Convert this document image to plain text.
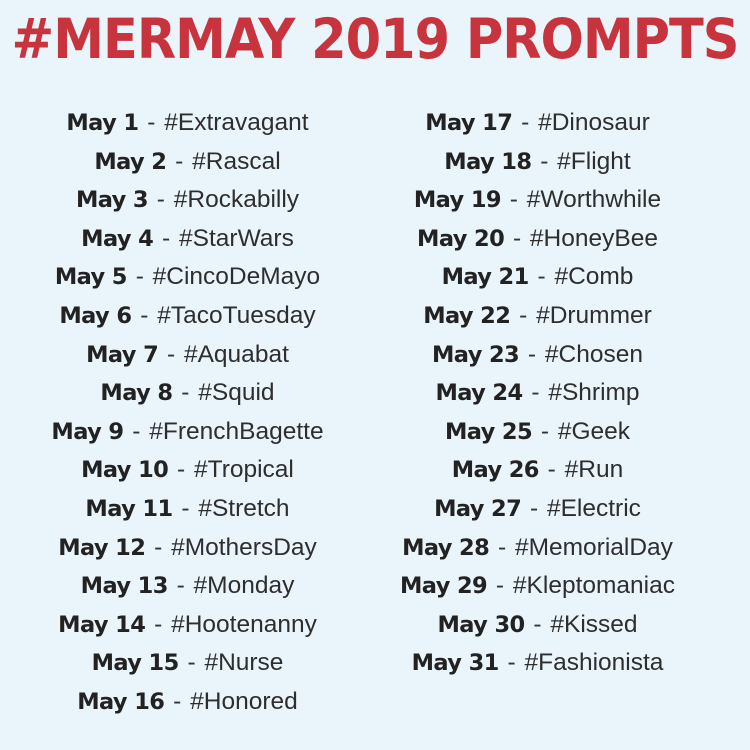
#MERMAY 2019 PROMPTS
May 1 - #Extravagant
May 2 - #Rascal
May 3 - #Rockabilly
May 4 - #StarWars
May 5 - #CincoDeMayo
May 6 - #TacoTuesday
May 7 - #Aquabat
May 8 - #Squid
May 9 - #FrenchBagette
May 10 - #Tropical
May 11 - #Stretch
May 12 - #MothersDay
May 13 - #Monday
May 14 - #Hootenanny
May 15 - #Nurse
May 16 - #Honored
May 17 - #Dinosaur
May 18 - #Flight
May 19 - #Worthwhile
May 20 - #HoneyBee
May 21 - #Comb
May 22 - #Drummer
May 23 - #Chosen
May 24 - #Shrimp
May 25 - #Geek
May 26 - #Run
May 27 - #Electric
May 28 - #MemorialDay
May 29 - #Kleptomaniac
May 30 - #Kissed
May 31 - #Fashionista
